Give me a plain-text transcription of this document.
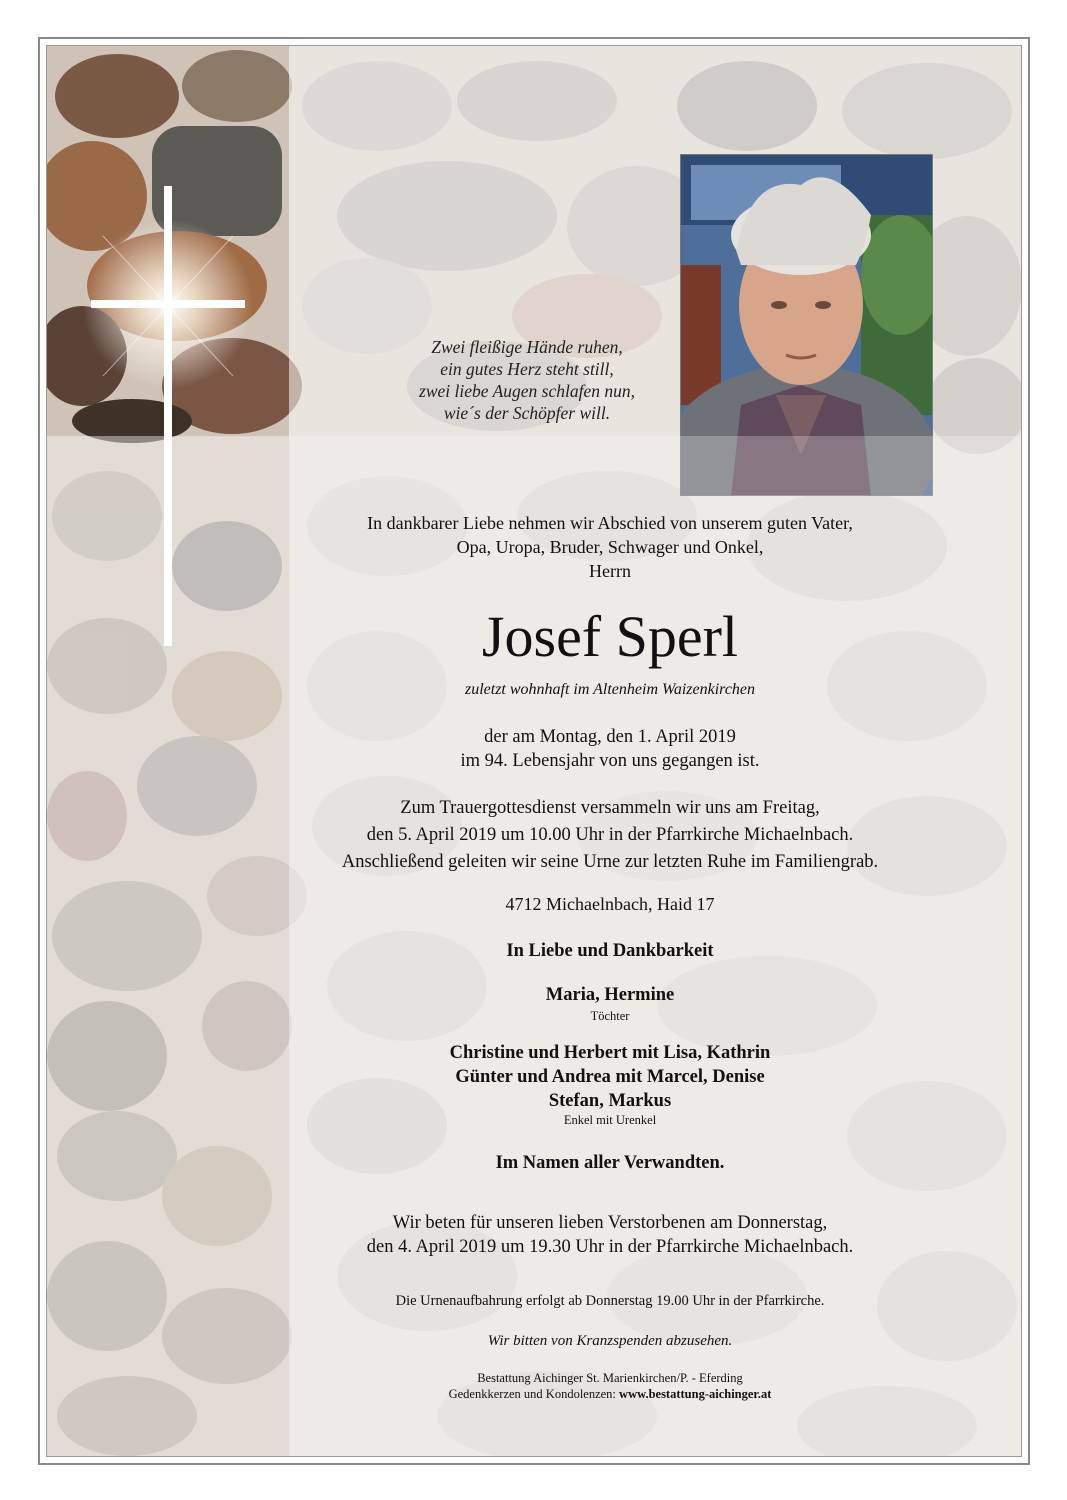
Zwei fleißige Hände ruhen,
ein gutes Herz steht still,
zwei liebe Augen schlafen nun,
wie´s der Schöpfer will.
In dankbarer Liebe nehmen wir Abschied von unserem guten Vater,
Opa, Uropa, Bruder, Schwager und Onkel,
Herrn
Josef Sperl
zuletzt wohnhaft im Altenheim Waizenkirchen
der am Montag, den 1. April 2019
im 94. Lebensjahr von uns gegangen ist.
Zum Trauergottesdienst versammeln wir uns am Freitag,
den 5. April 2019 um 10.00 Uhr in der Pfarrkirche Michaelnbach.
Anschließend geleiten wir seine Urne zur letzten Ruhe im Familiengrab.
4712 Michaelnbach, Haid 17
In Liebe und Dankbarkeit
Maria, Hermine
Töchter
Christine und Herbert mit Lisa, Kathrin
Günter und Andrea mit Marcel, Denise
Stefan, Markus
Enkel mit Urenkel
Im Namen aller Verwandten.
Wir beten für unseren lieben Verstorbenen am Donnerstag,
den 4. April 2019 um 19.30 Uhr in der Pfarrkirche Michaelnbach.
Die Urnenaufbahrung erfolgt ab Donnerstag 19.00 Uhr in der Pfarrkirche.
Wir bitten von Kranzspenden abzusehen.
Bestattung Aichinger St. Marienkirchen/P. - Eferding
Gedenkkerzen und Kondolenzen: www.bestattung-aichinger.at
